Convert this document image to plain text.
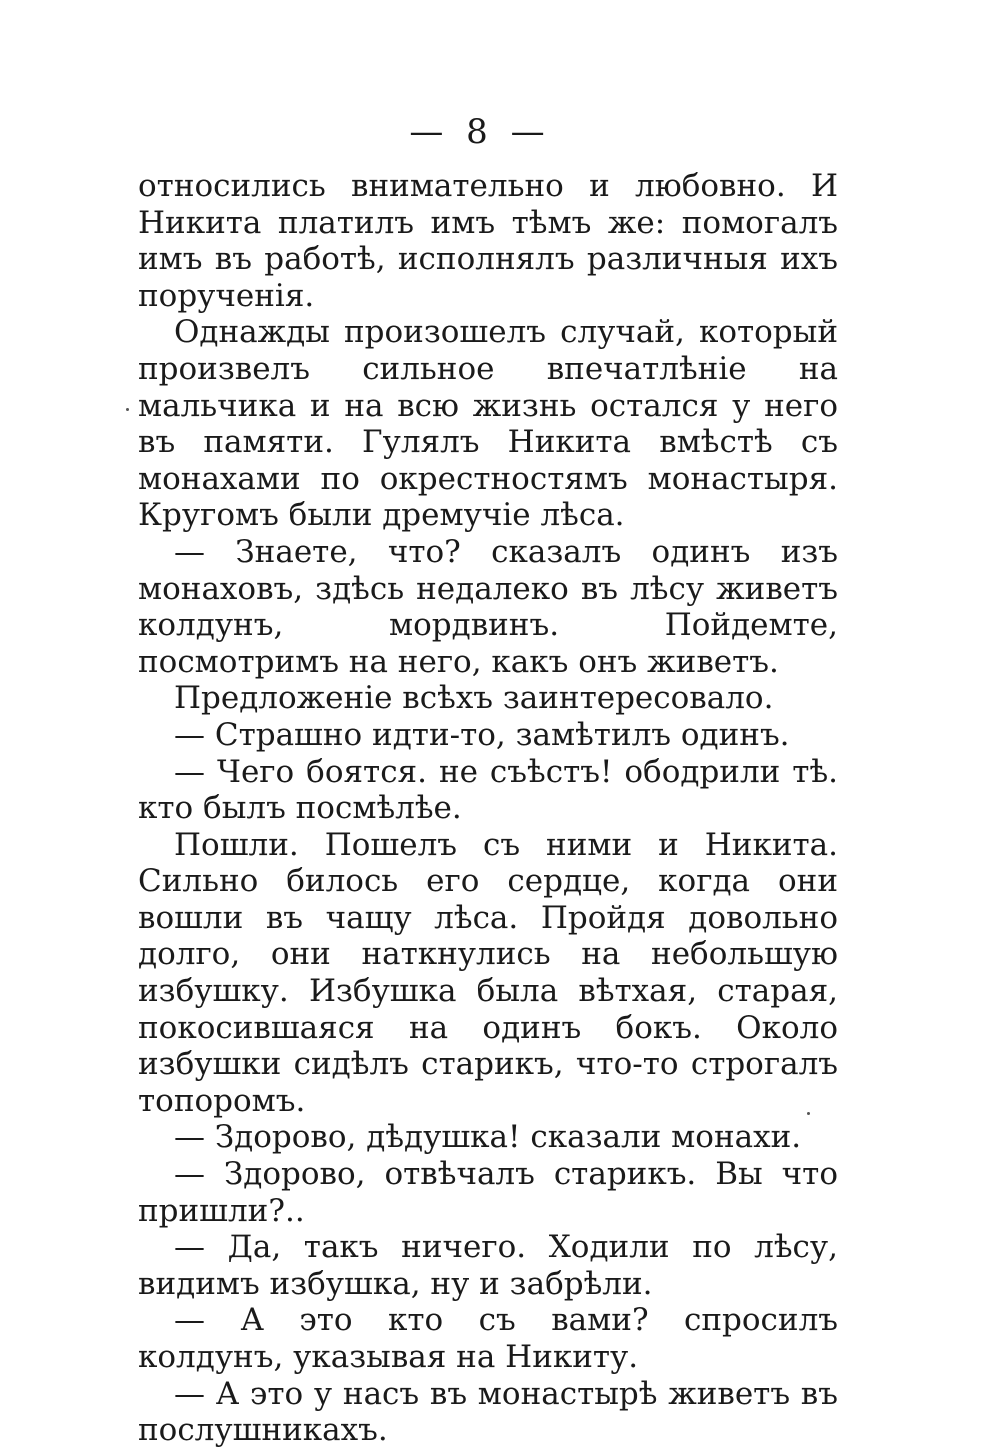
— 8 —

относились внимательно и любовно. И Никита платилъ имъ тѣмъ же: помогалъ имъ въ работѣ, исполнялъ различныя ихъ порученія.

Однажды произошелъ случай, который произвелъ сильное впечатлѣніе на мальчика и на всю жизнь остался у него въ памяти. Гулялъ Никита вмѣстѣ съ монахами по окрестностямъ монастыря. Кругомъ были дремучіе лѣса.

— Знаете, что? сказалъ одинъ изъ монаховъ, здѣсь недалеко въ лѣсу живетъ колдунъ, мордвинъ. Пойдемте, посмотримъ на него, какъ онъ живетъ.

Предложеніе всѣхъ заинтересовало.

— Страшно идти-то, замѣтилъ одинъ.

— Чего боятся. не съѣстъ! ободрили тѣ. кто былъ посмѣлѣе.

Пошли. Пошелъ съ ними и Никита. Сильно билось его сердце, когда они вошли въ чащу лѣса. Пройдя довольно долго, они наткнулись на небольшую избушку. Избушка была вѣтхая, старая, покосившаяся на одинъ бокъ. Около избушки сидѣлъ старикъ, что-то строгалъ топоромъ.

— Здорово, дѣдушка! сказали монахи.

— Здорово, отвѣчалъ старикъ. Вы что пришли?..

— Да, такъ ничего. Ходили по лѣсу, видимъ избушка, ну и забрѣли.

— А это кто съ вами? спросилъ колдунъ, указывая на Никиту.

— А это у насъ въ монастырѣ живетъ въ послушникахъ.
